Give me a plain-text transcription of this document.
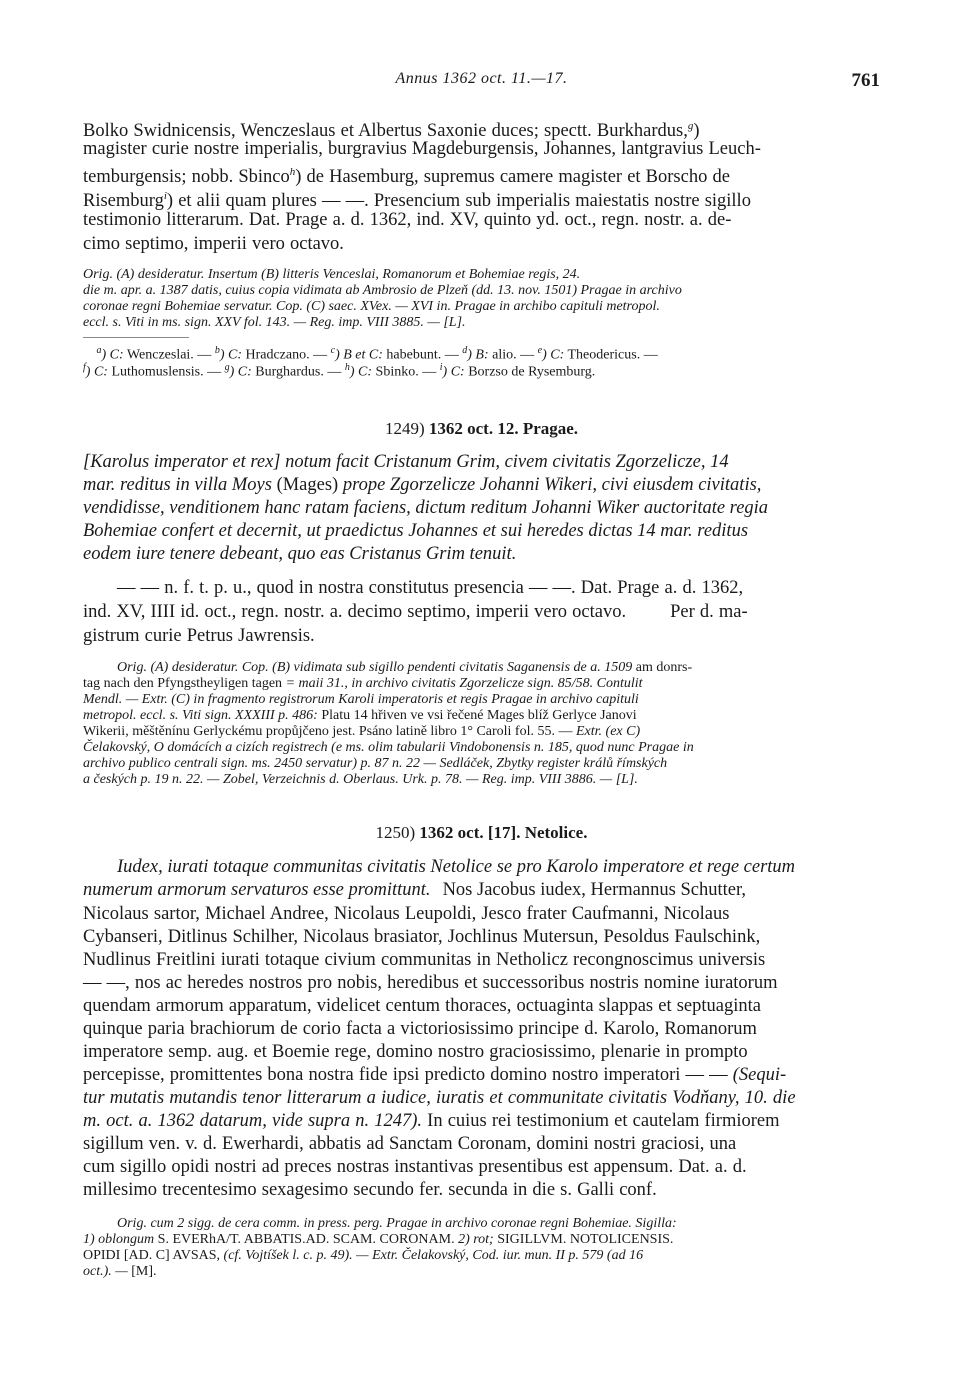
Annus 1362 oct. 11.—17.	761

Bolko Swidnicensis, Wenczeslaus et Albertus Saxonie duces; spectt. Burkhardus,$^g$)

magister curie nostre imperialis, burgravius Magdeburgensis, Johannes, lantgravius Leuch-

temburgensis; nobb. Sbinco$^h$) de Hasemburg, supremus camere magister et Borscho de

Risemburg$^i$) et alii quam plures — —. Presencium sub imperialis maiestatis nostre sigillo

testimonio litterarum. Dat. Prage a. d. 1362, ind. XV, quinto yd. oct., regn. nostr. a. de-

cimo septimo, imperii vero octavo.

Orig. (A) desideratur. Insertum (B) litteris Venceslai, Romanorum et Bohemiae regis, 24.

die m. apr. a. 1387 datis, cuius copia vidimata ab Ambrosio de Plzeň (dd. 13. nov. 1501) Pragae in archivo

coronae regni Bohemiae servatur. Cop. (C) saec. XVex. — XVI in. Pragae in archibo capituli metropol.

eccl. s. Viti in ms. sign. XXV fol. 143. — Reg. imp. VIII 3885. — [L].

$^a$) C: Wenczeslai. — $^b$) C: Hradczano. — $^c$) B et C: habebunt. — $^d$) B: alio. — $^e$) C: Theodericus. —

$^f$) C: Luthomuslensis. — $^g$) C: Burghardus. — $^h$) C: Sbinko. — $^i$) C: Borzso de Rysemburg.

1249) 1362 oct. 12. Pragae.

[Karolus imperator et rex] notum facit Cristanum Grim, civem civitatis Zgorzelicze, 14

mar. reditus in villa Moys (Mages) prope Zgorzelicze Johanni Wikeri, civi eiusdem civitatis,

vendidisse, venditionem hanc ratam faciens, dictum reditum Johanni Wiker auctoritate regia

Bohemiae confert et decernit, ut praedictus Johannes et sui heredes dictas 14 mar. reditus

eodem iure tenere debeant, quo eas Cristanus Grim tenuit.

— — n. f. t. p. u., quod in nostra constitutus presencia — —. Dat. Prage a. d. 1362,

ind. XV, IIII id. oct., regn. nostr. a. decimo septimo, imperii vero octavo. Per d. ma-

gistrum curie Petrus Jawrensis.

Orig. (A) desideratur. Cop. (B) vidimata sub sigillo pendenti civitatis Saganensis de a. 1509 am donrs-

tag nach den Pfyngstheyligen tagen = maii 31., in archivo civitatis Zgorzelicze sign. 85/58. Contulit

Mendl. — Extr. (C) in fragmento registrorum Karoli imperatoris et regis Pragae in archivo capituli

metropol. eccl. s. Viti sign. XXXIII p. 486: Platu 14 hřiven ve vsi řečené Mages blíž Gerlyce Janovi

Wikerii, měštěnínu Gerlyckému propůjčeno jest. Psáno latině libro 1° Caroli fol. 55. — Extr. (ex C)

Čelakovský, O domácích a cizích registrech (e ms. olim tabularii Vindobonensis n. 185, quod nunc Pragae in

archivo publico centrali sign. ms. 2450 servatur) p. 87 n. 22 — Sedláček, Zbytky register králů římských

a českých p. 19 n. 22. — Zobel, Verzeichnis d. Oberlaus. Urk. p. 78. — Reg. imp. VIII 3886. — [L].

1250) 1362 oct. [17]. Netolice.

Iudex, iurati totaque communitas civitatis Netolice se pro Karolo imperatore et rege certum

numerum armorum servaturos esse promittunt. Nos Jacobus iudex, Hermannus Schutter,

Nicolaus sartor, Michael Andree, Nicolaus Leupoldi, Jesco frater Caufmanni, Nicolaus

Cybanseri, Ditlinus Schilher, Nicolaus brasiator, Jochlinus Mutersun, Pesoldus Faulschink,

Nudlinus Freitlini iurati totaque civium communitas in Netholicz recongnoscimus universis

— —, nos ac heredes nostros pro nobis, heredibus et successoribus nostris nomine iuratorum

quendam armorum apparatum, videlicet centum thoraces, octuaginta slappas et septuaginta

quinque paria brachiorum de corio facta a victoriosissimo principe d. Karolo, Romanorum

imperatore semp. aug. et Boemie rege, domino nostro graciosissimo, plenarie in prompto

percepisse, promittentes bona nostra fide ipsi predicto domino nostro imperatori — — (Sequi-

tur mutatis mutandis tenor litterarum a iudice, iuratis et communitate civitatis Vodňany, 10. die

m. oct. a. 1362 datarum, vide supra n. 1247). In cuius rei testimonium et cautelam firmiorem

sigillum ven. v. d. Ewerhardi, abbatis ad Sanctam Coronam, domini nostri graciosi, una

cum sigillo opidi nostri ad preces nostras instantivas presentibus est appensum. Dat. a. d.

millesimo trecentesimo sexagesimo secundo fer. secunda in die s. Galli conf.

Orig. cum 2 sigg. de cera comm. in press. perg. Pragae in archivo coronae regni Bohemiae. Sigilla:

1) oblongum S. EVERhA/T. ABBATIS.AD. SCAM. CORONAM. 2) rot; SIGILLVM. NOTOLICENSIS.

OPIDI [AD. C] AVSAS, (cf. Vojtíšek l. c. p. 49). — Extr. Čelakovský, Cod. iur. mun. II p. 579 (ad 16

oct.). — [M].
